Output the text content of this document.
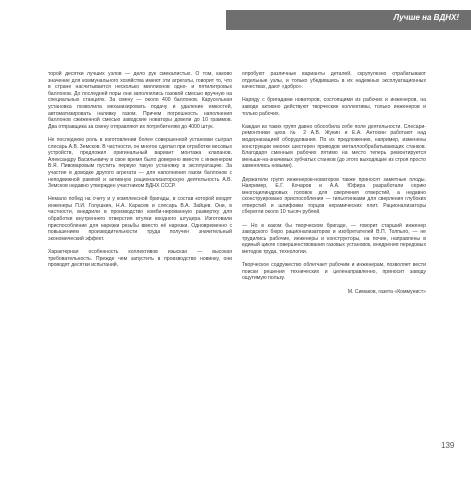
Лучше на ВДНХ!

торой десятки лучших узлов — дело рук смекалистых. О том, каково значение для коммунального хозяйства имеют эти агрегаты, говорит то, что в стране насчитывается несколько миллионов одно- и пятилитровых баллонов. До последней поры они заполнялись газовой смесью вручную на специальных станциях. За смену — около 400 баллонов. Карусельная установка позволила механизировать подачу и удаление емкостей, автоматизировать наливку газом. Причем погрешность наполнения баллонов сжиженной смесью заводские новаторы довели до 10 граммов. Два отправщика за смену отправляют их потребителям до 4000 штук.

Не последнюю роль в изготовлении более совершенной установки сыграл слесарь А.В. Земсков. В частности, он многое сделал при отработке весовых устройств, предложил оригинальный вариант монтажа клапанов. Александру Васильевичу в свое время было доверено вместе с инженером В.Я. Пивоваровым пустить первую такую установку в эксплуатацию. За участие в доводке другого агрегата — для наполнения газом баллонов с неподвижной рампой и активную рационализаторскую деятельность А.В. Земсков недавно утвержден участником ВДНХ СССР.

Немало побед на счету и у комплексной бригады, в состав которой входят инженеры П.И. Голушкин, Н.А. Карасев и слесарь В.А. Зайцев. Они, в частности, внедрили в производство комби-нированную развертку для обработки внутреннего отверстия втулки входного штуцера. Изготовили приспособление для нарезки резьбы вместо её нарезки. Одновременно с повышением производительности труда получен значительный экономический эффект.

Характерная особенность коллективов изыскан — высокая требовательность. Прежде чем запустить в производство новинку, они проводят десятки испытаний,

опробуют различные варианты деталей, скрупулезно отрабатывают отдельные узлы, и только убедившись в их надежных эксплуатационных качествах, дают «добро».

Наряду с бригадами новаторов, состоящими из рабочих и инженеров, на заводе активно действуют творческие коллективы, только инженеров и только рабочих.

Каждая из таких групп давно обособила себе поле деятельности. Слесари-ремонтники цеха № 2 А.В. Жукин и Е.А. Антохин работают над модернизацией оборудования. По их предложению, например, изменены конструкции многих шестерен приводов металлообрабатывающих станков. Благодаря сменным рабочих пятимо на место теперь ремонтируется меньше-на-значимых зубчатых станков (до этого выходящие из строя просто заменялись новыми).

Держатели групп инженеров-новаторов также приносят заметные плоды. Например, Е.Г. Кочаров и А.А. Юфира разработали серию многоцилиндровых головок для сверления отверстий, а недавно сконструировано приспособления — гильотинками для сверления глубоких отверстий и шлифовки торцов керамических плит. Рационализаторы сберегли около 10 тысяч рублей.

— Но в каком бы творческом бригаде, — говорит старший инженер заводского бюро рационализаторов и изобретателей В.П. Толпыго, — не трудились рабочие, инженеры и конструкторы, на почин, направлены в единый цикле совершенствования газовых установок, внедрения передовых методов труда, технологии.

Творческое содружество облегчает рабочим и инженерам, позволяет вести поиски решения технических и целенаправленно, приносит заводу ощутимую пользу.

М. Симаков, газета «Коммунист»

139
